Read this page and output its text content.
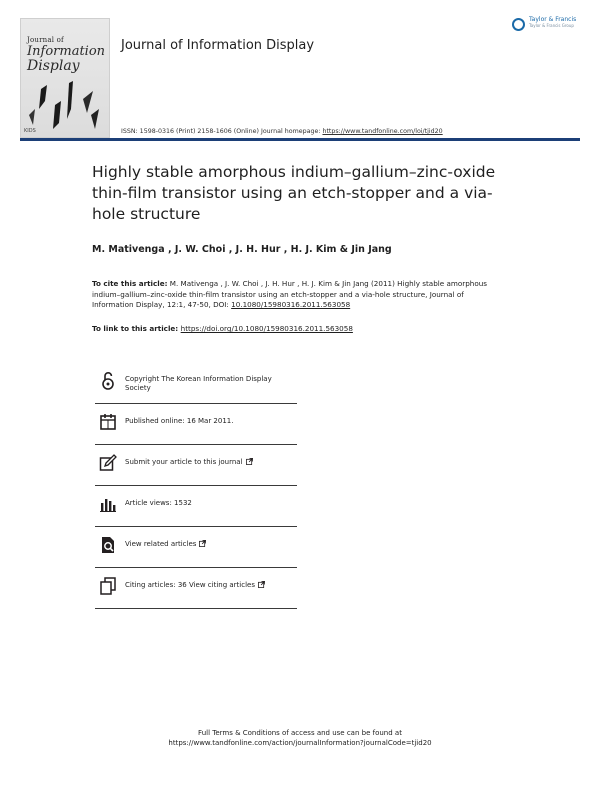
Journal of
Information
Display
KIDS
Journal of Information Display
Taylor & Francis
Taylor & Francis Group
ISSN: 1598-0316 (Print) 2158-1606 (Online) Journal homepage: https://www.tandfonline.com/loi/tjid20
Highly stable amorphous indium–gallium–zinc-oxide thin-film transistor using an etch-stopper and a via-hole structure
M. Mativenga , J. W. Choi , J. H. Hur , H. J. Kim & Jin Jang
To cite this article: M. Mativenga , J. W. Choi , J. H. Hur , H. J. Kim & Jin Jang (2011) Highly stable amorphous indium–gallium–zinc-oxide thin-film transistor using an etch-stopper and a via-hole structure, Journal of Information Display, 12:1, 47-50, DOI: 10.1080/15980316.2011.563058
To link to this article: https://doi.org/10.1080/15980316.2011.563058
Copyright The Korean Information Display Society
Published online: 16 Mar 2011.
Submit your article to this journal
Article views: 1532
View related articles
Citing articles: 36 View citing articles
Full Terms & Conditions of access and use can be found at
https://www.tandfonline.com/action/journalInformation?journalCode=tjid20
